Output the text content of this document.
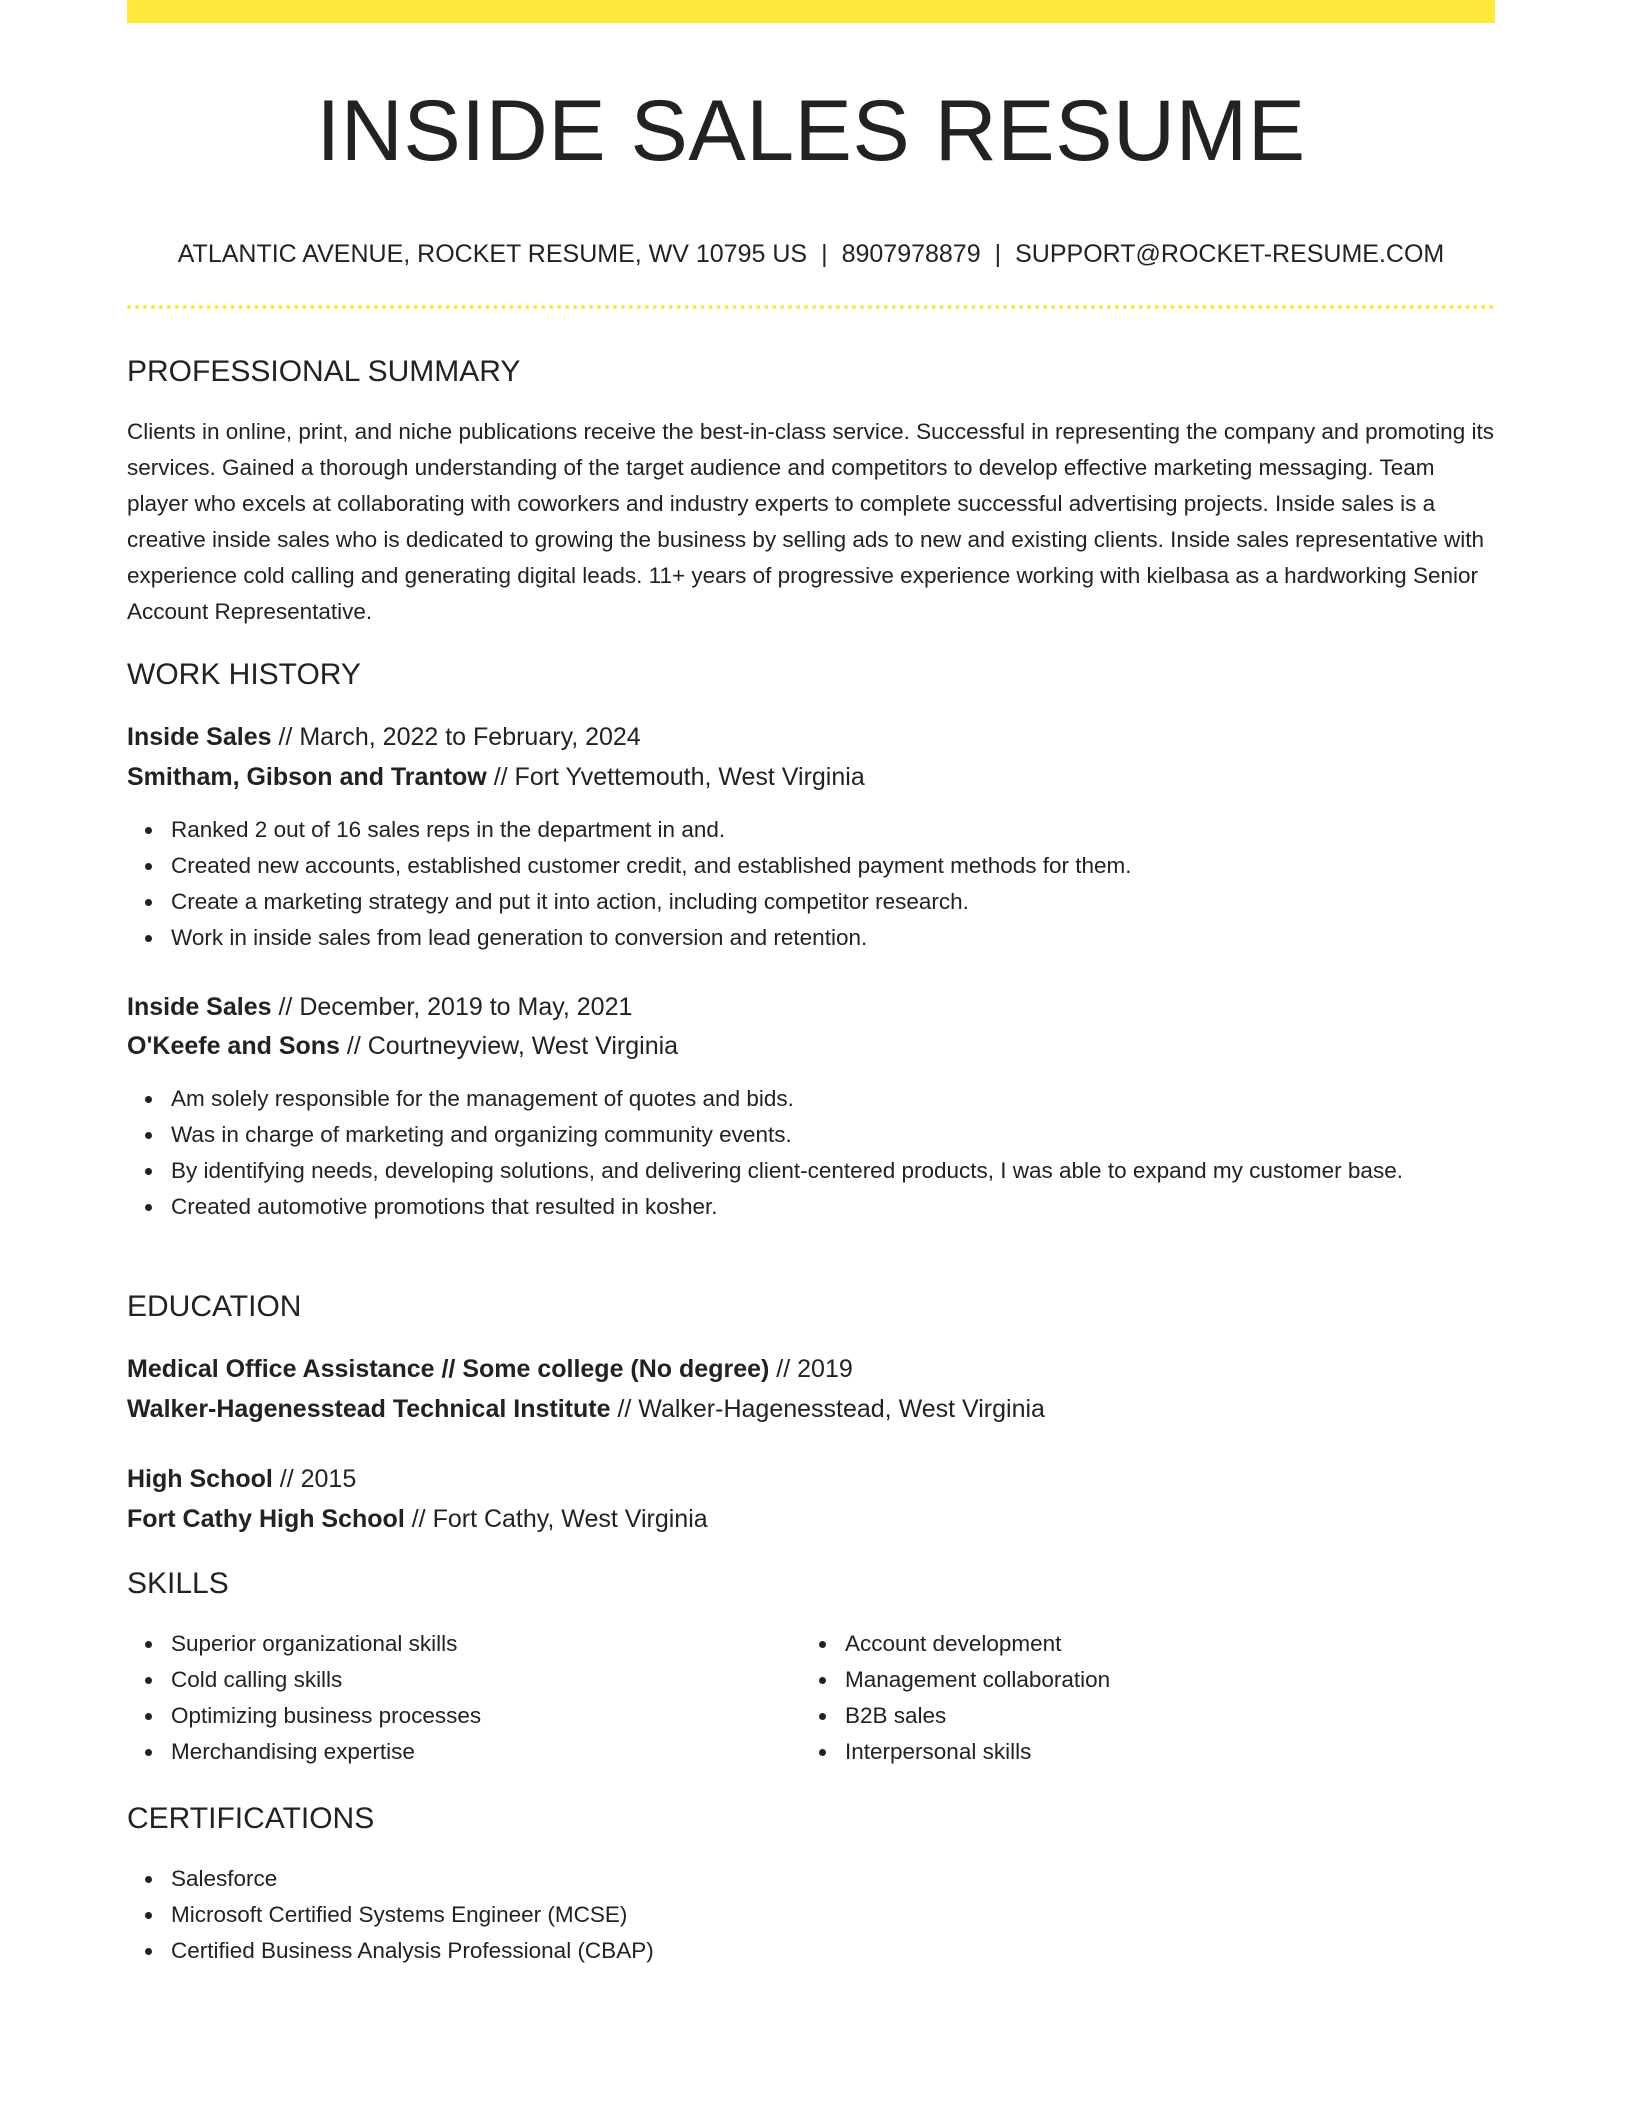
INSIDE SALES RESUME
ATLANTIC AVENUE, ROCKET RESUME, WV 10795 US | 8907978879 | SUPPORT@ROCKET-RESUME.COM
PROFESSIONAL SUMMARY

Clients in online, print, and niche publications receive the best-in-class service. Successful in representing the company and promoting its services. Gained a thorough understanding of the target audience and competitors to develop effective marketing messaging. Team player who excels at collaborating with coworkers and industry experts to complete successful advertising projects. Inside sales is a creative inside sales who is dedicated to growing the business by selling ads to new and existing clients. Inside sales representative with experience cold calling and generating digital leads. 11+ years of progressive experience working with kielbasa as a hardworking Senior Account Representative.

WORK HISTORY
Inside Sales // March, 2022 to February, 2024
Smitham, Gibson and Trantow // Fort Yvettemouth, West Virginia
Ranked 2 out of 16 sales reps in the department in and.
Created new accounts, established customer credit, and established payment methods for them.
Create a marketing strategy and put it into action, including competitor research.
Work in inside sales from lead generation to conversion and retention.
Inside Sales // December, 2019 to May, 2021
O'Keefe and Sons // Courtneyview, West Virginia
Am solely responsible for the management of quotes and bids.
Was in charge of marketing and organizing community events.
By identifying needs, developing solutions, and delivering client-centered products, I was able to expand my customer base.
Created automotive promotions that resulted in kosher.
EDUCATION
Medical Office Assistance // Some college (No degree) // 2019
Walker-Hagenesstead Technical Institute // Walker-Hagenesstead, West Virginia
High School // 2015
Fort Cathy High School // Fort Cathy, West Virginia
SKILLS
Superior organizational skills
Cold calling skills
Optimizing business processes
Merchandising expertise
Account development
Management collaboration
B2B sales
Interpersonal skills
CERTIFICATIONS
Salesforce
Microsoft Certified Systems Engineer (MCSE)
Certified Business Analysis Professional (CBAP)
